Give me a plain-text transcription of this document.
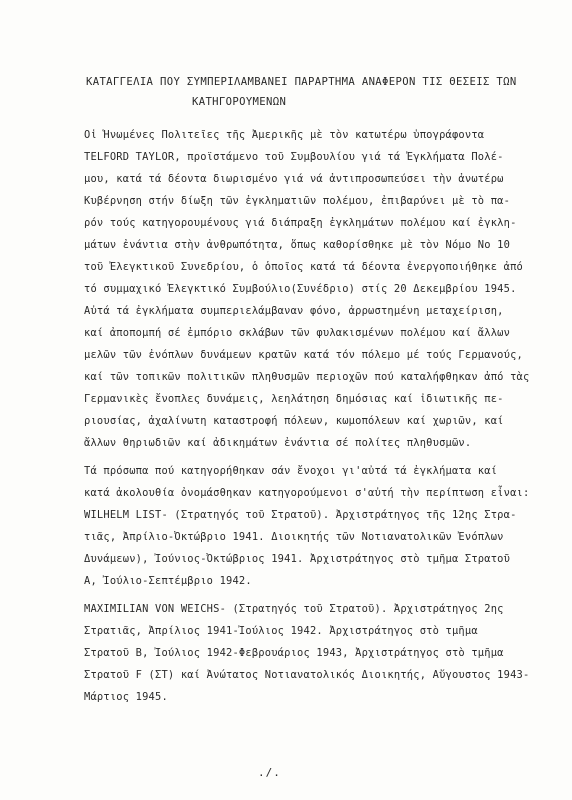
ΚΑΤΑΓΓΕΛΙΑ ΠΟΥ ΣΥΜΠΕΡΙΛΑΜΒΑΝΕΙ ΠΑΡΑΡΤΗΜΑ ΑΝΑΦΕΡΟΝ ΤΙΣ ΘΕΣΕΙΣ ΤΩΝ
ΚΑΤΗΓΟΡΟΥΜΕΝΩΝ
Οἱ Ἡνωμένες Πολιτεῖες τῆς Ἀμερικῆς μὲ τὸν κατωτέρω ὑπογράφοντα
TELFORD TAYLOR, προϊστάμενο τοῦ Συμβουλίου γιά τά Ἐγκλήματα Πολέ-
μου, κατά τά δέοντα διωρισμένο γιά νά ἀντιπροσωπεύσει τὴν ἀνωτέρω
Κυβέρνηση στήν δίωξη τῶν ἐγκληματιῶν πολέμου, ἐπιβαρύνει μὲ τὸ πα-
ρόν τούς κατηγορουμένους γιά διάπραξη ἐγκλημάτων πολέμου καί ἐγκλη-
μάτων ἐνάντια στὴν ἀνθρωπότητα, ὅπως καθορίσθηκε μὲ τὸν Νόμο Νο 10
τοῦ Ἐλεγκτικοῦ Συνεδρίου, ὁ ὁποῖος κατά τά δέοντα ἐνεργοποιήθηκε ἀπό
τό συμμαχικό Ἐλεγκτικό Συμβούλιο(Συνέδριο) στίς 20 Δεκεμβρίου 1945.
Αὐτά τά ἐγκλήματα συμπεριελάμβαναν φόνο, ἀρρωστημένη μεταχείριση,
καί ἀποπομπή σέ ἐμπόριο σκλάβων τῶν φυλακισμένων πολέμου καί ἄλλων
μελῶν τῶν ἐνόπλων δυνάμεων κρατῶν κατά τόν πόλεμο μέ τούς Γερμανούς,
καί τῶν τοπικῶν πολιτικῶν πληθυσμῶν περιοχῶν πού καταλήφθηκαν ἀπό τὰς
Γερμανικὲς ἔνοπλες δυνάμεις, λεηλάτηση δημόσιας καί ἰδιωτικῆς πε-
ριουσίας, ἀχαλίνωτη καταστροφή πόλεων, κωμοπόλεων καί χωριῶν, καί
ἄλλων θηριωδιῶν καί ἀδικημάτων ἐνάντια σέ πολίτες πληθυσμῶν.
Τά πρόσωπα πού κατηγορήθηκαν σάν ἔνοχοι γι'αὐτά τά ἐγκλήματα καί
κατά ἀκολουθία ὀνομάσθηκαν κατηγορούμενοι σ'αὐτή τὴν περίπτωση εἶναι:
WILHELM LIST- (Στρατηγός τοῦ Στρατοῦ). Ἀρχιστράτηγος τῆς 12ης Στρα-
τιᾶς, Ἀπρίλιο-Ὀκτώβριο 1941. Διοικητής τῶν Νοτιανατολικῶν Ἐνόπλων
Δυνάμεων), Ἰούνιος-Ὀκτώβριος 1941. Ἀρχιστράτηγος στὸ τμῆμα Στρατοῦ
Α, Ἰούλιο-Σεπτέμβριο 1942.
MAXIMILIAN VON WEICHS- (Στρατηγός τοῦ Στρατοῦ). Ἀρχιστράτηγος 2ης
Στρατιᾶς, Ἀπρίλιος 1941-Ἰούλιος 1942. Ἀρχιστράτηγος στὸ τμῆμα
Στρατοῦ Β, Ἰούλιος 1942-Φεβρουάριος 1943, Ἀρχιστράτηγος στὸ τμῆμα
Στρατοῦ F (ΣΤ) καί Ἀνώτατος Νοτιανατολικός Διοικητής, Αὔγουστος 1943-
Μάρτιος 1945.
./.
